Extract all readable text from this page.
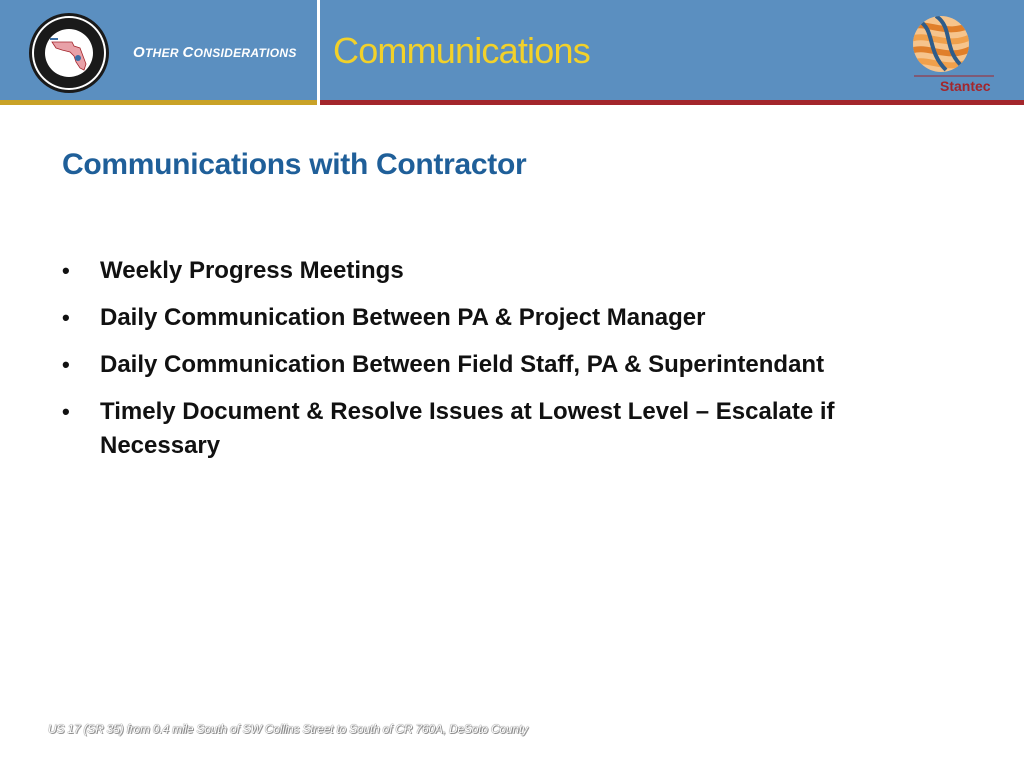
OTHER CONSIDERATIONS Communications
Stantec
Communications with Contractor
• Weekly Progress Meetings
• Daily Communication Between PA & Project Manager
• Daily Communication Between Field Staff, PA & Superintendant
• Timely Document & Resolve Issues at Lowest Level – Escalate if Necessary
US 17 (SR 35) from 0.4 mile South of SW Collins Street to South of CR 760A, DeSoto County
